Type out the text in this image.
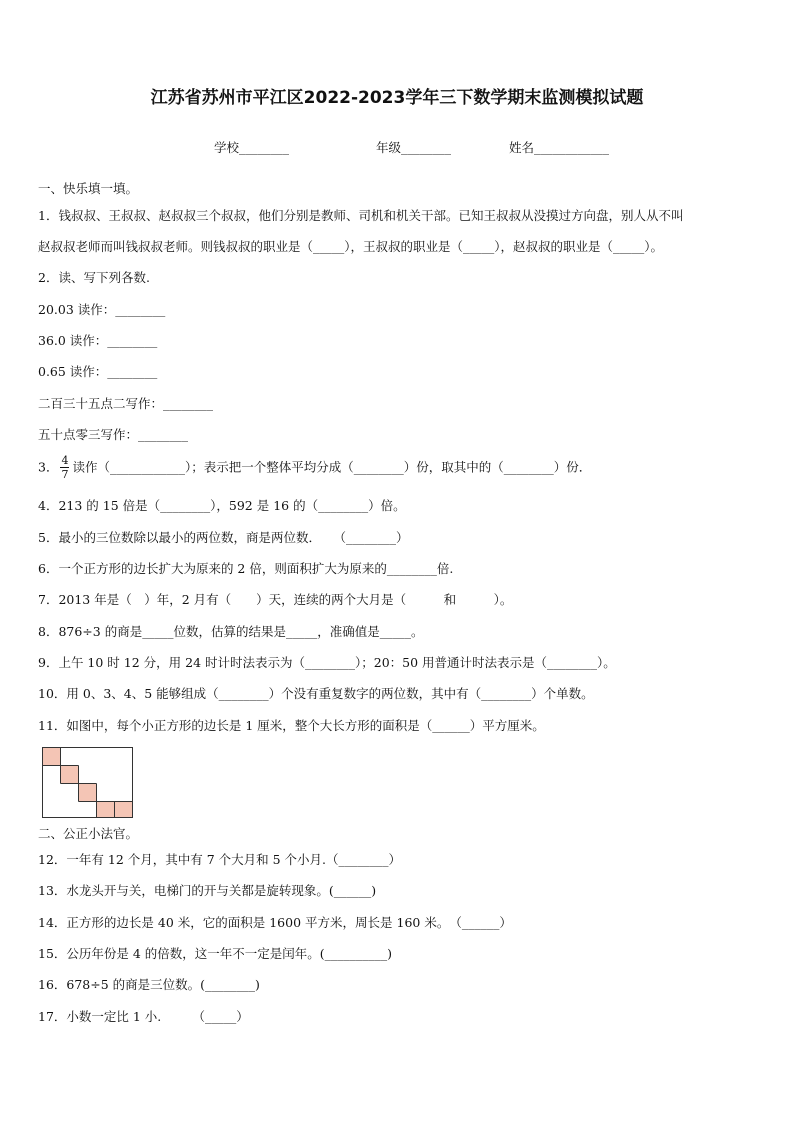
江苏省苏州市平江区2022-2023学年三下数学期末监测模拟试题
学校________	年级________	姓名____________
一、快乐填一填。
1．钱叔叔、王叔叔、赵叔叔三个叔叔，他们分别是教师、司机和机关干部。已知王叔叔从没摸过方向盘，别人从不叫
赵叔叔老师而叫钱叔叔老师。则钱叔叔的职业是（_____），王叔叔的职业是（_____），赵叔叔的职业是（_____）。
2．读、写下列各数.
20.03 读作：________
36.0 读作：________
0.65 读作：________
二百三十五点二写作：________
五十点零三写作：________
3． $\frac{4}{7}$ 读作（____________）；表示把一个整体平均分成（________）份，取其中的（________）份．
4．213 的 15 倍是（________），592 是 16 的（________）倍。
5．最小的三位数除以最小的两位数，商是两位数．　　（________）
6．一个正方形的边长扩大为原来的 2 倍，则面积扩大为原来的________倍.
7．2013 年是（　）年，2 月有（　　）天，连续的两个大月是（　　　和　　　）。
8．876÷3 的商是_____位数，估算的结果是_____，准确值是_____。
9．上午 10 时 12 分，用 24 时计时法表示为（________）；20：50 用普通计时法表示是（________）。
10．用 0、3、4、5 能够组成（________）个没有重复数字的两位数，其中有（________）个单数。
11．如图中，每个小正方形的边长是 1 厘米，整个大长方形的面积是（______）平方厘米。
二、公正小法官。
12．一年有 12 个月，其中有 7 个大月和 5 个小月.（________）
13．水龙头开与关，电梯门的开与关都是旋转现象。(______)
14．正方形的边长是 40 米，它的面积是 1600 平方米，周长是 160 米。　（______）
15．公历年份是 4 的倍数，这一年不一定是闰年。(__________)
16．678÷5 的商是三位数。(________)
17．小数一定比 1 小.　　　（_____）
